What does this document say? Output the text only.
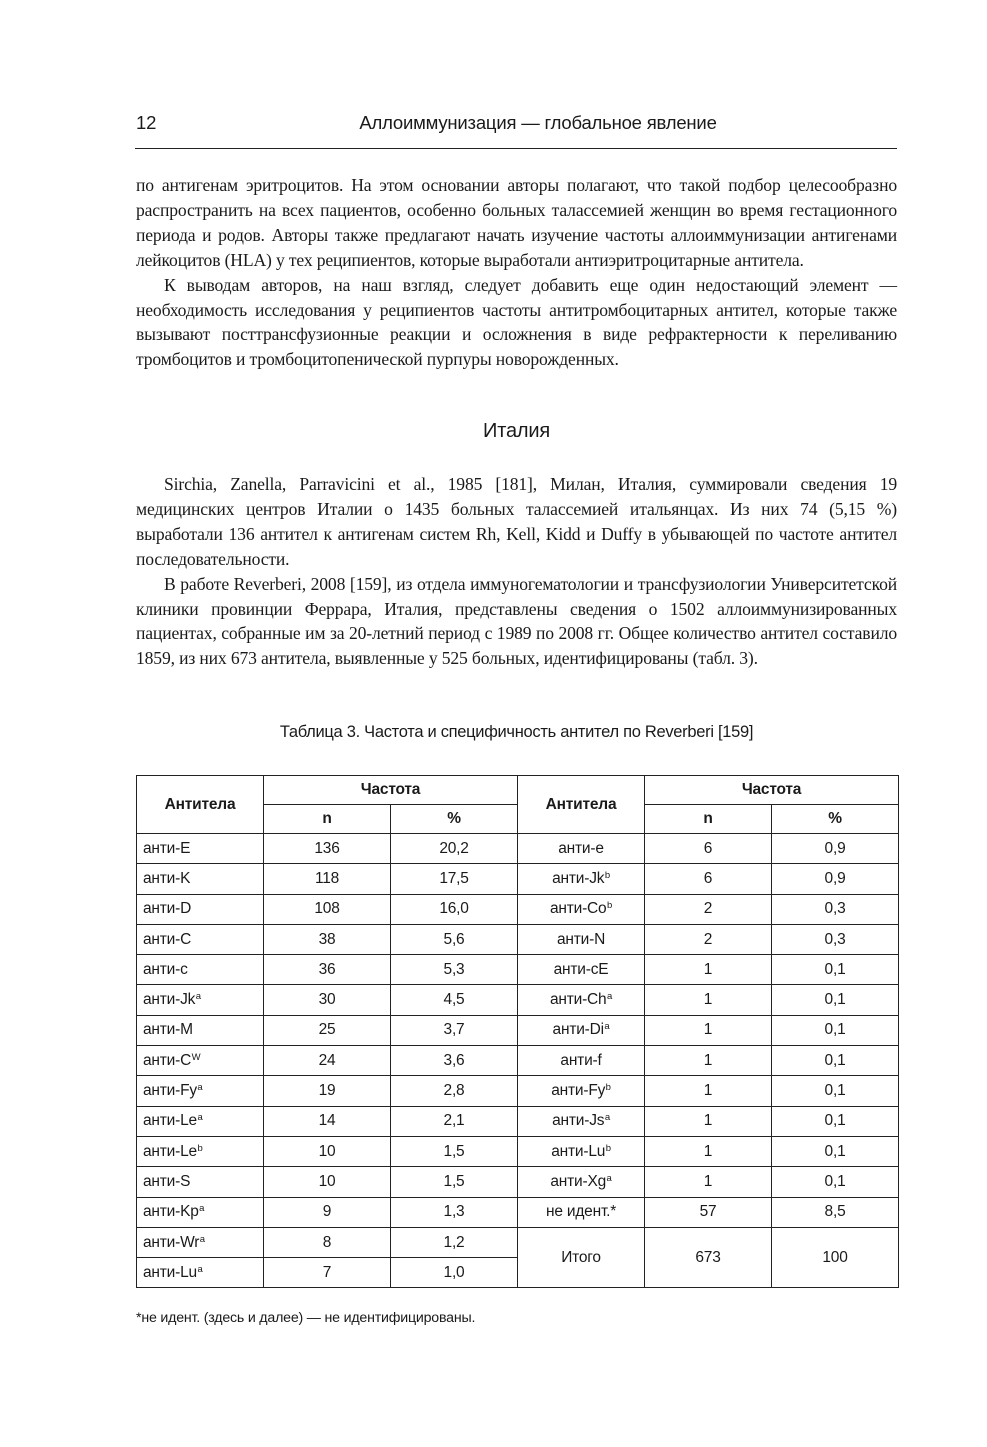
12	Аллоиммунизация — глобальное явление

по антигенам эритроцитов. На этом основании авторы полагают, что такой подбор целесообразно распространить на всех пациентов, особенно больных талассемией женщин во время гестационного периода и родов. Авторы также предлагают начать изучение частоты аллоиммунизации антигенами лейкоцитов (HLA) у тех реципиентов, которые выработали антиэритроцитарные антитела.

К выводам авторов, на наш взгляд, следует добавить еще один недостающий элемент — необходимость исследования у реципиентов частоты антитромбоцитарных антител, которые также вызывают посттрансфузионные реакции и осложнения в виде рефрактерности к переливанию тромбоцитов и тромбоцитопенической пурпуры новорожденных.

Италия

Sirchia, Zanella, Parravicini et al., 1985 [181], Милан, Италия, суммировали сведения 19 медицинских центров Италии о 1435 больных талассемией итальянцах. Из них 74 (5,15 %) выработали 136 антител к антигенам систем Rh, Kell, Kidd и Duffy в убывающей по частоте антител последовательности.

В работе Reverberi, 2008 [159], из отдела иммуногематологии и трансфузиологии Университетской клиники провинции Феррара, Италия, представлены сведения о 1502 аллоиммунизированных пациентах, собранные им за 20-летний период с 1989 по 2008 гг. Общее количество антител составило 1859, из них 673 антитела, выявленные у 525 больных, идентифицированы (табл. 3).

Таблица 3. Частота и специфичность антител по Reverberi [159]
Антитела	Частота		Антитела	Частота	
	n	%		n	%
анти-E	136	20,2	анти-e	6	0,9
анти-K	118	17,5	анти-Jk$^b$	6	0,9
анти-D	108	16,0	анти-Co$^b$	2	0,3
анти-C	38	5,6	анти-N	2	0,3
анти-c	36	5,3	анти-cE	1	0,1
анти-Jk$^a$	30	4,5	анти-Ch$^a$	1	0,1
анти-M	25	3,7	анти-Di$^a$	1	0,1
анти-$C^W$	24	3,6	анти-f	1	0,1
анти-Fy$^a$	19	2,8	анти-Fy$^b$	1	0,1
анти-Le$^a$	14	2,1	анти-Js$^a$	1	0,1
анти-Le$^b$	10	1,5	анти-Lu$^b$	1	0,1
анти-S	10	1,5	анти-Xg$^a$	1	0,1
анти-Kp$^a$	9	1,3	не идент.*	57	8,5
анти-Wr$^a$	8	1,2	Итого	673	100
анти-Lu$^a$	7	1,0			
*не идент. (здесь и далее) — не идентифицированы.
